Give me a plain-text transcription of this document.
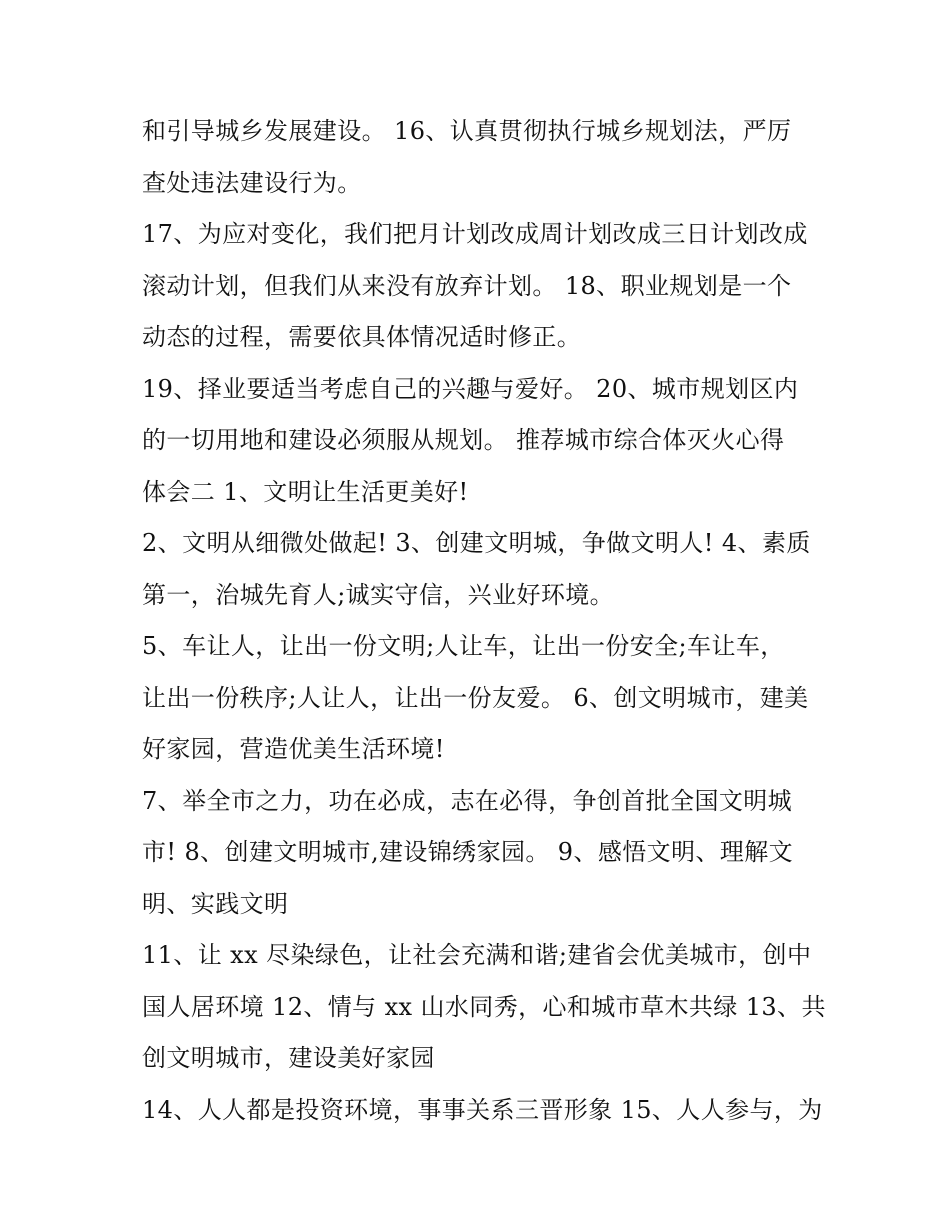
和引导城乡发展建设。 16、认真贯彻执行城乡规划法，严厉
查处违法建设行为。
17、为应对变化，我们把月计划改成周计划改成三日计划改成
滚动计划，但我们从来没有放弃计划。 18、职业规划是一个
动态的过程，需要依具体情况适时修正。
19、择业要适当考虑自己的兴趣与爱好。 20、城市规划区内
的一切用地和建设必须服从规划。 推荐城市综合体灭火心得
体会二 1、文明让生活更美好!
2、文明从细微处做起! 3、创建文明城，争做文明人! 4、素质
第一，治城先育人;诚实守信，兴业好环境。
5、车让人，让出一份文明;人让车，让出一份安全;车让车，
让出一份秩序;人让人，让出一份友爱。 6、创文明城市，建美
好家园，营造优美生活环境!
7、举全市之力，功在必成，志在必得，争创首批全国文明城
市! 8、创建文明城市,建设锦绣家园。 9、感悟文明、理解文
明、实践文明
11、让 xx 尽染绿色，让社会充满和谐;建省会优美城市，创中
国人居环境 12、情与 xx 山水同秀，心和城市草木共绿 13、共
创文明城市，建设美好家园
14、人人都是投资环境，事事关系三晋形象 15、人人参与，为
